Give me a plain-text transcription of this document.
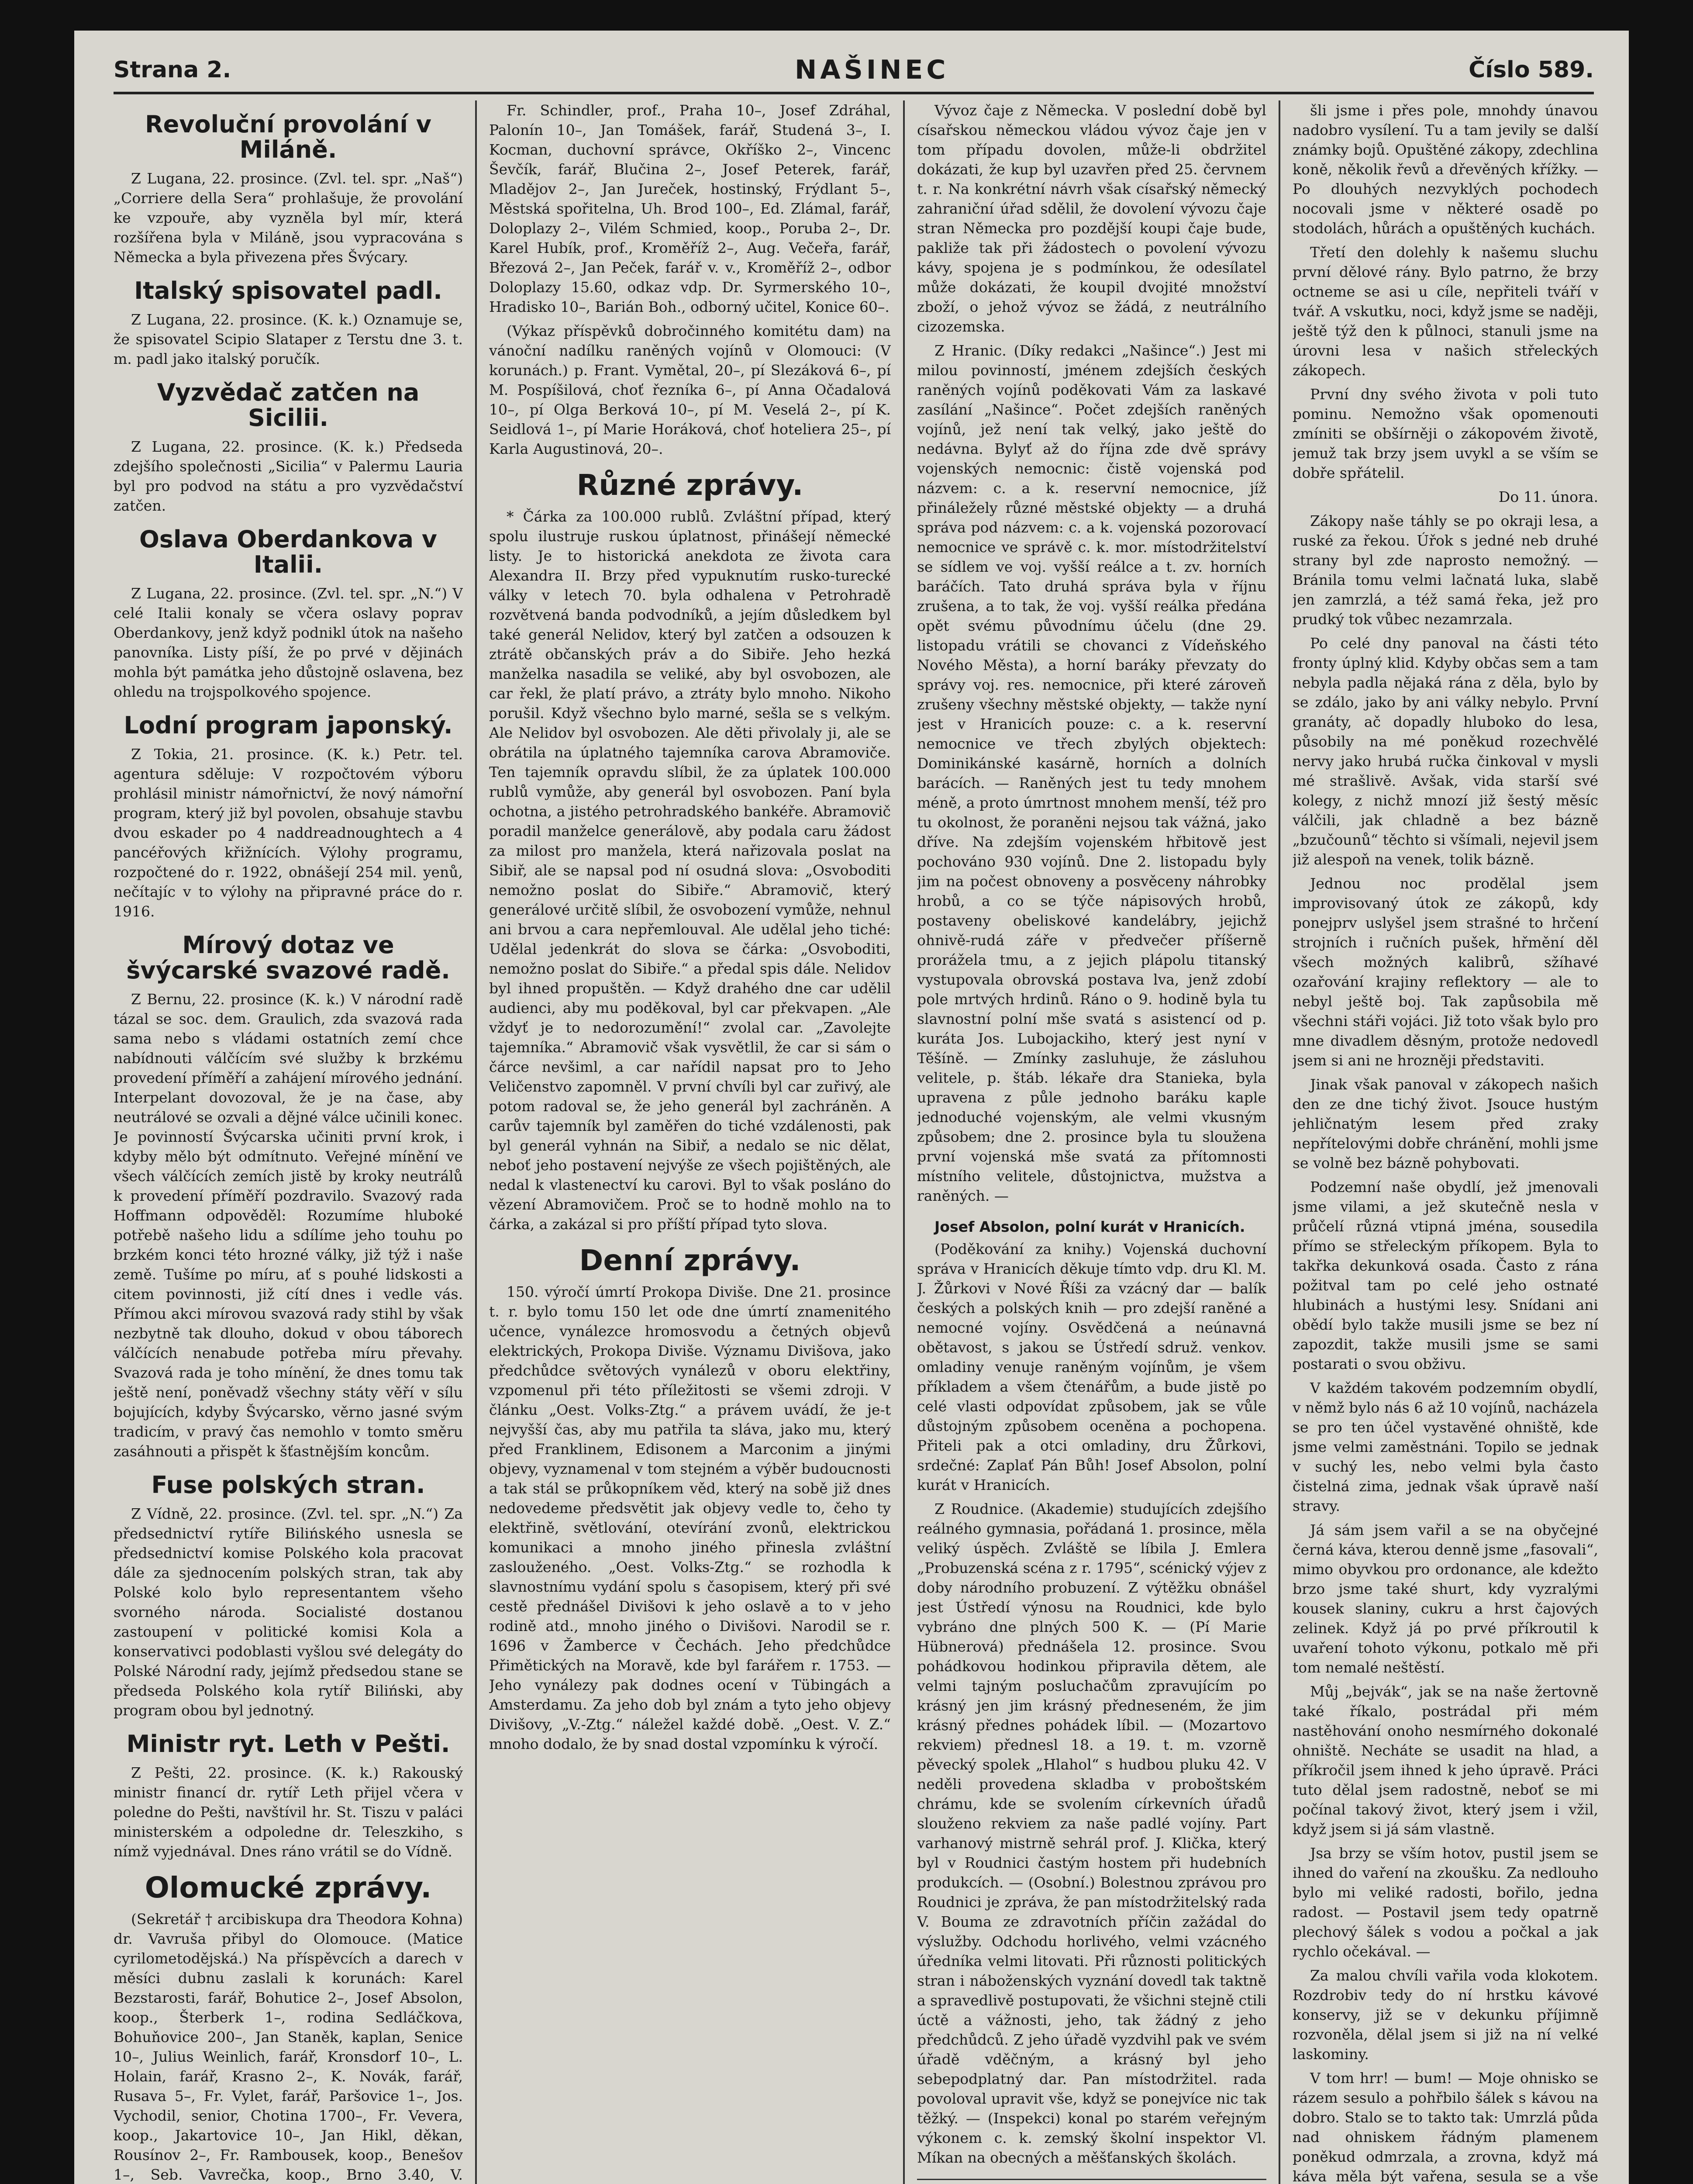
Strana 2.	NAŠINEC	Číslo 589.
Revoluční provolání v Miláně.

Z Lugana, 22. prosince. (Zvl. tel. spr. „Naš“) „Corriere della Sera“ prohlašuje, že provolání ke vzpouře, aby vyzněla byl mír, která rozšířena byla v Miláně, jsou vypracována s Německa a byla přivezena přes Švýcary.

Italský spisovatel padl.

Z Lugana, 22. prosince. (K. k.) Oznamuje se, že spisovatel Scipio Slataper z Terstu dne 3. t. m. padl jako italský poručík.

Vyzvědač zatčen na Sicilii.

Z Lugana, 22. prosince. (K. k.) Předseda zdejšího společnosti „Sicilia“ v Palermu Lauria byl pro podvod na státu a pro vyzvědačství zatčen.

Oslava Oberdankova v Italii.

Z Lugana, 22. prosince. (Zvl. tel. spr. „N.“) V celé Italii konaly se včera oslavy poprav Oberdankovy, jenž když podnikl útok na našeho panovníka. Listy píší, že po prvé v dějinách mohla být památka jeho důstojně oslavena, bez ohledu na trojspolkového spojence.

Lodní program japonský.

Z Tokia, 21. prosince. (K. k.) Petr. tel. agentura sděluje: V rozpočtovém výboru prohlásil ministr námořnictví, že nový námořní program, který již byl povolen, obsahuje stavbu dvou eskader po 4 naddreadnoughtech a 4 pancéřových křižnících. Výlohy programu, rozpočtené do r. 1922, obnášejí 254 mil. yenů, nečítajíc v to výlohy na připravné práce do r. 1916.

Mírový dotaz ve švýcarské svazové radě.

Z Bernu, 22. prosince (K. k.) V národní radě tázal se soc. dem. Graulich, zda svazová rada sama nebo s vládami ostatních zemí chce nabídnouti válčícím své služby k brzkému provedení příměří a zahájení mírového jednání. Interpelant dovozoval, že je na čase, aby neutrálové se ozvali a dějné válce učinili konec. Je povinností Švýcarska učiniti první krok, i kdyby mělo být odmítnuto. Veřejné mínění ve všech válčících zemích jistě by kroky neutrálů k provedení příměří pozdravilo. Svazový rada Hoffmann odpověděl: Rozumíme hluboké potřebě našeho lidu a sdílíme jeho touhu po brzkém konci této hrozné války, již týž i naše země. Tušíme po míru, ať s pouhé lidskosti a citem povinnosti, již cítí dnes i vedle vás. Přímou akci mírovou svazová rady stihl by však nezbytně tak dlouho, dokud v obou táborech válčících nenabude potřeba míru převahy. Svazová rada je toho mínění, že dnes tomu tak ještě není, poněvadž všechny státy věří v sílu bojujících, kdyby Švýcarsko, věrno jasné svým tradicím, v pravý čas nemohlo v tomto směru zasáhnouti a přispět k šťastnějším koncům.

Fuse polských stran.

Z Vídně, 22. prosince. (Zvl. tel. spr. „N.“) Za předsednictví rytíře Bilińského usnesla se předsednictví komise Polského kola pracovat dále za sjednocením polských stran, tak aby Polské kolo bylo representantem všeho svorného národa. Socialisté dostanou zastoupení v politické komisi Kola a konservativci podoblasti vyšlou své delegáty do Polské Národní rady, jejímž předsedou stane se předseda Polského kola rytíř Biliński, aby program obou byl jednotný.

Ministr ryt. Leth v Pešti.

Z Pešti, 22. prosince. (K. k.) Rakouský ministr financí dr. rytíř Leth přijel včera v poledne do Pešti, navštívil hr. St. Tiszu v paláci ministerském a odpoledne dr. Teleszkiho, s nímž vyjednával. Dnes ráno vrátil se do Vídně.

Olomucké zprávy.

(Sekretář † arcibiskupa dra Theodora Kohna) dr. Vavruša přibyl do Olomouce. (Matice cyrilometodějská.) Na příspěvcích a darech v měsíci dubnu zaslali k korunách: Karel Bezstarosti, farář, Bohutice 2–, Josef Absolon, koop., Šterberk 1–, rodina Sedláčkova, Bohuňovice 200–, Jan Staněk, kaplan, Senice 10–, Julius Weinlich, farář, Kronsdorf 10–, L. Holain, farář, Krasno 2–, K. Novák, farář, Rusava 5–, Fr. Vylet, farář, Paršovice 1–, Jos. Vychodil, senior, Chotina 1700–, Fr. Vevera, koop., Jakartovice 10–, Jan Hikl, děkan, Rousínov 2–, Fr. Rambousek, koop., Benešov 1–, Seb. Vavrečka, koop., Brno 3.40, V.

Fr. Schindler, prof., Praha 10–, Josef Zdráhal, Palonín 10–, Jan Tomášek, farář, Studená 3–, I. Kocman, duchovní správce, Okříško 2–, Vincenc Ševčík, farář, Blučina 2–, Josef Peterek, farář, Mladějov 2–, Jan Jureček, hostinský, Frýdlant 5–, Městská spořitelna, Uh. Brod 100–, Ed. Zlámal, farář, Doloplazy 2–, Vilém Schmied, koop., Poruba 2–, Dr. Karel Hubík, prof., Kroměříž 2–, Aug. Večeřa, farář, Březová 2–, Jan Peček, farář v. v., Kroměříž 2–, odbor Doloplazy 15.60, odkaz vdp. Dr. Syrmerského 10–, Hradisko 10–, Barián Boh., odborný učitel, Konice 60–.

(Výkaz příspěvků dobročinného komitétu dam) na vánoční nadílku raněných vojínů v Olomouci: (V korunách.) p. Frant. Vymětal, 20–, pí Slezáková 6–, pí M. Pospíšilová, choť řezníka 6–, pí Anna Očadalová 10–, pí Olga Berková 10–, pí M. Veselá 2–, pí K. Seidlová 1–, pí Marie Horáková, choť hoteliera 25–, pí Karla Augustinová, 20–.

Různé zprávy.

* Čárka za 100.000 rublů. Zvláštní případ, který spolu ilustruje ruskou úplatnost, přinášejí německé listy. Je to historická anekdota ze života cara Alexandra II. Brzy před vypuknutím rusko-turecké války v letech 70. byla odhalena v Petrohradě rozvětvená banda podvodníků, a jejím důsledkem byl také generál Nelidov, který byl zatčen a odsouzen k ztrátě občanských práv a do Sibiře. Jeho hezká manželka nasadila se veliké, aby byl osvobozen, ale car řekl, že platí právo, a ztráty bylo mnoho. Nikoho porušil. Když všechno bylo marné, sešla se s velkým. Ale Nelidov byl osvobozen. Ale děti přivolaly ji, ale se obrátila na úplatného tajemníka carova Abramoviče. Ten tajemník opravdu slíbil, že za úplatek 100.000 rublů vymůže, aby generál byl osvobozen. Paní byla ochotna, a jistého petrohradského bankéře. Abramovič poradil manželce generálově, aby podala caru žádost za milost pro manžela, která nařizovala poslat na Sibiř, ale se napsal pod ní osudná slova: „Osvoboditi nemožno poslat do Sibiře.“ Abramovič, který generálové určitě slíbil, že osvobození vymůže, nehnul ani brvou a cara nepřemlouval. Ale udělal jeho tiché: Udělal jedenkrát do slova se čárka: „Osvoboditi, nemožno poslat do Sibiře.“ a předal spis dále. Nelidov byl ihned propuštěn. — Když drahého dne car udělil audienci, aby mu poděkoval, byl car překvapen. „Ale vždyť je to nedorozumění!“ zvolal car. „Zavolejte tajemníka.“ Abramovič však vysvětlil, že car si sám o čárce nevšiml, a car nařídil napsat pro to Jeho Veličenstvo zapomněl. V první chvíli byl car zuřivý, ale potom radoval se, že jeho generál byl zachráněn. A carův tajemník byl zaměřen do tiché vzdálenosti, pak byl generál vyhnán na Sibiř, a nedalo se nic dělat, neboť jeho postavení nejvýše ze všech pojištěných, ale nedal k vlastenectví ku carovi. Byl to však posláno do vězení Abramovičem. Proč se to hodně mohlo na to čárka, a zakázal si pro příští případ tyto slova.

Denní zprávy.

150. výročí úmrtí Prokopa Diviše. Dne 21. prosince t. r. bylo tomu 150 let ode dne úmrtí znamenitého učence, vynálezce hromosvodu a četných objevů elektrických, Prokopa Diviše. Významu Divišova, jako předchůdce světových vynálezů v oboru elektřiny, vzpomenul při této příležitosti se všemi zdroji. V článku „Oest. Volks-Ztg.“ a právem uvádí, že je-t nejvyšší čas, aby mu patřila ta sláva, jako mu, který před Franklinem, Edisonem a Marconim a jinými objevy, vyznamenal v tom stejném a výběr budoucnosti a tak stál se průkopníkem věd, který na sobě již dnes nedovedeme předsvětit jak objevy vedle to, čeho ty elektřině, světlování, otevírání zvonů, elektrickou komunikaci a mnoho jiného přinesla zvláštní zaslouženého. „Oest. Volks-Ztg.“ se rozhodla k slavnostnímu vydání spolu s časopisem, který při své cestě přednášel Divišovi k jeho oslavě a to v jeho rodině atd., mnoho jiného o Divišovi. Narodil se r. 1696 v Žamberce v Čechách. Jeho předchůdce Přimětických na Moravě, kde byl farářem r. 1753. — Jeho vynálezy pak dodnes ocení v Tübingách a Amsterdamu. Za jeho dob byl znám a tyto jeho objevy Divišovy, „V.-Ztg.“ náležel každé době. „Oest. V. Z.“ mnoho dodalo, že by snad dostal vzpomínku k výročí.

Vývoz čaje z Německa. V poslední době byl císařskou německou vládou vývoz čaje jen v tom případu dovolen, může-li obdržitel dokázati, že kup byl uzavřen před 25. červnem t. r. Na konkrétní návrh však císařský německý zahraniční úřad sdělil, že dovolení vývozu čaje stran Německa pro pozdější koupi čaje bude, pakliže tak při žádostech o povolení vývozu kávy, spojena je s podmínkou, že odesílatel může dokázati, že koupil dvojité množství zboží, o jehož vývoz se žádá, z neutrálního cizozemska.

Z Hranic. (Díky redakci „Našince“.) Jest mi milou povinností, jménem zdejších českých raněných vojínů poděkovati Vám za laskavé zasílání „Našince“. Počet zdejších raněných vojínů, jež není tak velký, jako ještě do nedávna. Bylyť až do října zde dvě správy vojenských nemocnic: čistě vojenská pod názvem: c. a k. reservní nemocnice, jíž přináležely různé městské objekty — a druhá správa pod názvem: c. a k. vojenská pozorovací nemocnice ve správě c. k. mor. místodržitelství se sídlem ve voj. vyšší reálce a t. zv. horních baráčích. Tato druhá správa byla v říjnu zrušena, a to tak, že voj. vyšší reálka předána opět svému původnímu účelu (dne 29. listopadu vrátili se chovanci z Vídeňského Nového Města), a horní baráky převzaty do správy voj. res. nemocnice, při které zároveň zrušeny všechny městské objekty, — takže nyní jest v Hranicích pouze: c. a k. reservní nemocnice ve třech zbylých objektech: Dominikánské kasárně, horních a dolních barácích. — Raněných jest tu tedy mnohem méně, a proto úmrtnost mnohem menší, též pro tu okolnost, že poraněni nejsou tak vážná, jako dříve. Na zdejším vojenském hřbitově jest pochováno 930 vojínů. Dne 2. listopadu byly jim na počest obnoveny a posvěceny náhrobky hrobů, a co se týče nápisových hrobů, postaveny obeliskové kandelábry, jejichž ohnivě-rudá záře v předvečer příšerně prorážela tmu, a z jejich plápolu titanský vystupovala obrovská postava lva, jenž zdobí pole mrtvých hrdinů. Ráno o 9. hodině byla tu slavnostní polní mše svatá s asistencí od p. kuráta Jos. Lubojackiho, který jest nyní v Těšíně. — Zmínky zasluhuje, že zásluhou velitele, p. štáb. lékaře dra Stanieka, byla upravena z půle jednoho baráku kaple jednoduché vojenským, ale velmi vkusným způsobem; dne 2. prosince byla tu sloužena první vojenská mše svatá za přítomnosti místního velitele, důstojnictva, mužstva a raněných. —

Josef Absolon, polní kurát v Hranicích.

(Poděkování za knihy.) Vojenská duchovní správa v Hranicích děkuje tímto vdp. dru Kl. M. J. Žůrkovi v Nové Říši za vzácný dar — balík českých a polských knih — pro zdejší raněné a nemocné vojíny. Osvědčená a neúnavná obětavost, s jakou se Ústředí sdruž. venkov. omladiny venuje raněným vojínům, je všem příkladem a všem čtenářům, a bude jistě po celé vlasti odpovídat způsobem, jak se vůle důstojným způsobem oceněna a pochopena. Přiteli pak a otci omladiny, dru Žůrkovi, srdečné: Zaplať Pán Bůh! Josef Absolon, polní kurát v Hranicích.

Z Roudnice. (Akademie) studujících zdejšího reálného gymnasia, pořádaná 1. prosince, měla veliký úspěch. Zvláště se líbila J. Emlera „Probuzenská scéna z r. 1795“, scénický výjev z doby národního probuzení. Z výtěžku obnášel jest Ústředí výnosu na Roudnici, kde bylo vybráno dne plných 500 K. — (Pí Marie Hübnerová) přednášela 12. prosince. Svou pohádkovou hodinkou připravila dětem, ale velmi tajným posluchačům zpravujícím po krásný jen jim krásný předneseném, že jim krásný přednes pohádek líbil. — (Mozartovo rekviem) přednesl 18. a 19. t. m. vzorně pěvecký spolek „Hlahol“ s hudbou pluku 42. V neděli provedena skladba v proboštském chrámu, kde se svolením církevních úřadů slouženo rekviem za naše padlé vojíny. Part varhanový mistrně sehrál prof. J. Klička, který byl v Roudnici častým hostem při hudebních produkcích. — (Osobní.) Bolestnou zprávou pro Roudnici je zpráva, že pan místodržitelský rada V. Bouma ze zdravotních příčin zažádal do výslužby. Odchodu horlivého, velmi vzácného úředníka velmi litovati. Při různosti politických stran i náboženských vyznání dovedl tak taktně a spravedlivě postupovati, že všichni stejně ctili úctě a vážnosti, jeho, tak žádný z jeho předchůdců. Z jeho úřadě vyzdvihl pak ve svém úřadě vděčným, a krásný byl jeho sebepodplatný dar. Pan místodržitel. rada povoloval upravit vše, když se ponejvíce nic tak těžký. — (Inspekci) konal po starém veřejným výkonem c. k. zemský školní inspektor Vl. Míkan na obecných a měšťanských školách.

šli jsme i přes pole, mnohdy únavou nadobro vysílení. Tu a tam jevily se další známky bojů. Opuštěné zákopy, zdechlina koně, několik řevů a dřevěných křížky. — Po dlouhých nezvyklých pochodech nocovali jsme v některé osadě po stodolách, hůrách a opuštěných kuchách.

Třetí den dolehly k našemu sluchu první dělové rány. Bylo patrno, že brzy octneme se asi u cíle, nepřiteli tváří v tvář. A vskutku, noci, když jsme se naději, ještě týž den k půlnoci, stanuli jsme na úrovni lesa v našich střeleckých zákopech.

První dny svého života v poli tuto pominu. Nemožno však opomenouti zmíniti se obšírněji o zákopovém životě, jemuž tak brzy jsem uvykl a se vším se dobře spřátelil.

Do 11. února.

Zákopy naše táhly se po okraji lesa, a ruské za řekou. Úřok s jedné neb druhé strany byl zde naprosto nemožný. — Bránila tomu velmi lačnatá luka, slabě jen zamrzlá, a též samá řeka, jež pro prudký tok vůbec nezamrzala.

Po celé dny panoval na části této fronty úplný klid. Kdyby občas sem a tam nebyla padla nějaká rána z děla, bylo by se zdálo, jako by ani války nebylo. První granáty, ač dopadly hluboko do lesa, působily na mé poněkud rozechvělé nervy jako hrubá ručka činkoval v mysli mé strašlivě. Avšak, vida starší své kolegy, z nichž mnozí již šestý měsíc válčili, jak chladně a bez bázně „bzučounů“ těchto si všímali, nejevil jsem již alespoň na venek, tolik bázně.

Jednou noc prodělal jsem improvisovaný útok ze zákopů, kdy ponejprv uslyšel jsem strašné to hrčení strojních i ručních pušek, hřmění děl všech možných kalibrů, sžíhavé ozařování krajiny reflektory — ale to nebyl ještě boj. Tak zapůsobila mě všechni stáři vojáci. Již toto však bylo pro mne divadlem děsným, protože nedovedl jsem si ani ne hrozněji představiti.

Jinak však panoval v zákopech našich den ze dne tichý život. Jsouce hustým jehličnatým lesem před zraky nepřítelovými dobře chránění, mohli jsme se volně bez bázně pohybovati.

Podzemní naše obydlí, jež jmenovali jsme vilami, a jež skutečně nesla v průčelí různá vtipná jména, sousedila přímo se střeleckým příkopem. Byla to takřka dekunková osada. Často z rána požitval tam po celé jeho ostnaté hlubinách a hustými lesy. Snídani ani obědí bylo takže musili jsme se bez ní zapozdit, takže musili jsme se sami postarati o svou obživu.

V každém takovém podzemním obydlí, v němž bylo nás 6 až 10 vojínů, nacházela se pro ten účel vystavěné ohniště, kde jsme velmi zaměstnáni. Topilo se jednak v suchý les, nebo velmi byla často čistelná zima, jednak však úpravě naší stravy.

Já sám jsem vařil a se na obyčejné černá káva, kterou denně jsme „fasovali“, mimo obyvkou pro ordonance, ale kdežto brzo jsme také shurt, kdy vyzralými kousek slaniny, cukru a hrst čajových zelinek. Když já po prvé příkroutil k uvaření tohoto výkonu, potkalo mě při tom nemalé neštěstí.

Můj „bejvák“, jak se na naše žertovně také říkalo, postrádal při mém nastěhování onoho nesmírného dokonalé ohniště. Necháte se usadit na hlad, a příkročil jsem ihned k jeho úpravě. Práci tuto dělal jsem radostně, neboť se mi počínal takový život, který jsem i vžil, když jsem si já sám vlastně.

Jsa brzy se vším hotov, pustil jsem se ihned do vaření na zkoušku. Za nedlouho bylo mi veliké radosti, bořilo, jedna radost. — Postavil jsem tedy opatrně plechový šálek s vodou a počkal a jak rychlo očekával. —

Za malou chvíli vařila voda klokotem. Rozdrobiv tedy do ní hrstku kávové konservy, již se v dekunku příjimně rozvoněla, dělal jsem si již na ní velké laskominy.

V tom hrr! — bum! — Moje ohnisko se rázem sesulo a pohřbilo šálek s kávou na dobro. Stalo se to takto tak: Umrzlá půda nad ohniskem řádným plamenem poněkud odmrzala, a zrovna, když má káva měla být vařena, sesula se a vše
